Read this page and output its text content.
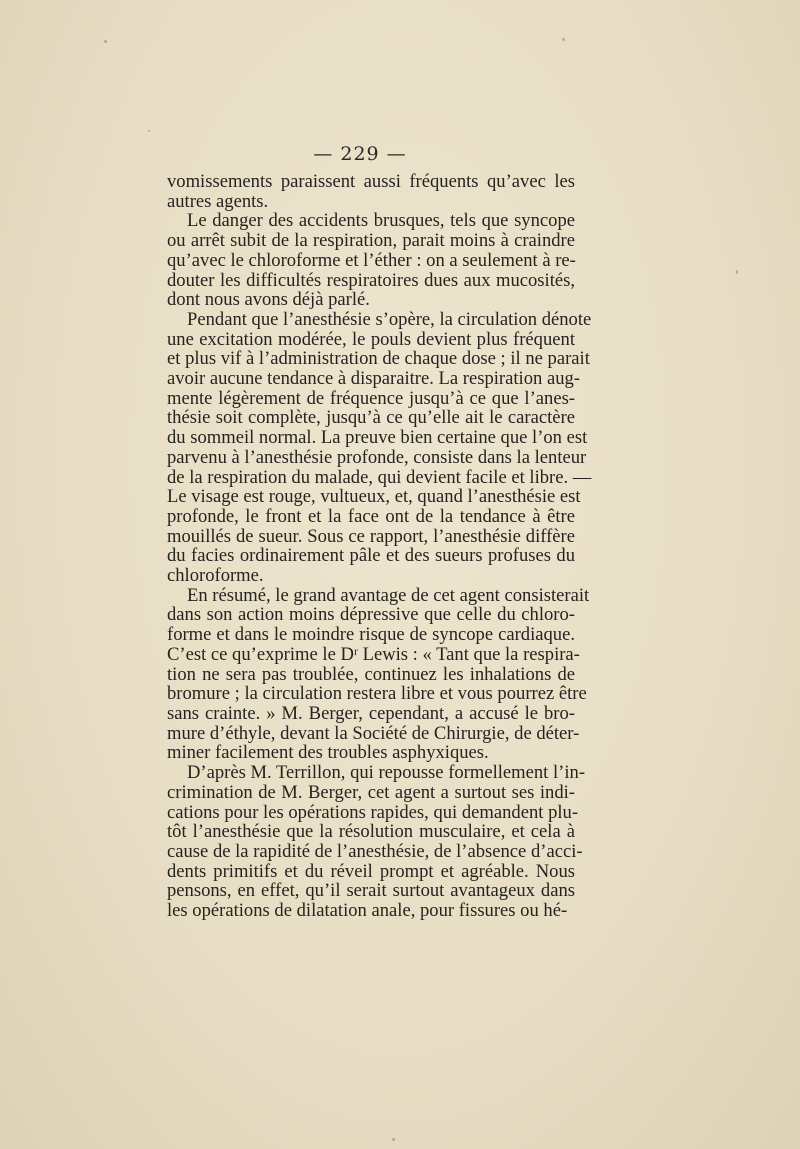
— 229 —
vomissements paraissent aussi fréquents qu’avec les
autres agents.
Le danger des accidents brusques, tels que syncope
ou arrêt subit de la respiration, parait moins à craindre
qu’avec le chloroforme et l’éther : on a seulement à re-
douter les difficultés respiratoires dues aux mucosités,
dont nous avons déjà parlé.
Pendant que l’anesthésie s’opère, la circulation dénote
une excitation modérée, le pouls devient plus fréquent
et plus vif à l’administration de chaque dose ; il ne parait
avoir aucune tendance à disparaitre. La respiration aug-
mente légèrement de fréquence jusqu’à ce que l’anes-
thésie soit complète, jusqu’à ce qu’elle ait le caractère
du sommeil normal. La preuve bien certaine que l’on est
parvenu à l’anesthésie profonde, consiste dans la lenteur
de la respiration du malade, qui devient facile et libre. —
Le visage est rouge, vultueux, et, quand l’anesthésie est
profonde, le front et la face ont de la tendance à être
mouillés de sueur. Sous ce rapport, l’anesthésie diffère
du facies ordinairement pâle et des sueurs profuses du
chloroforme.
En résumé, le grand avantage de cet agent consisterait
dans son action moins dépressive que celle du chloro-
forme et dans le moindre risque de syncope cardiaque.
C’est ce qu’exprime le Dʳ Lewis : « Tant que la respira-
tion ne sera pas troublée, continuez les inhalations de
bromure ; la circulation restera libre et vous pourrez être
sans crainte. » M. Berger, cependant, a accusé le bro-
mure d’éthyle, devant la Société de Chirurgie, de déter-
miner facilement des troubles asphyxiques.
D’après M. Terrillon, qui repousse formellement l’in-
crimination de M. Berger, cet agent a surtout ses indi-
cations pour les opérations rapides, qui demandent plu-
tôt l’anesthésie que la résolution musculaire, et cela à
cause de la rapidité de l’anesthésie, de l’absence d’acci-
dents primitifs et du réveil prompt et agréable. Nous
pensons, en effet, qu’il serait surtout avantageux dans
les opérations de dilatation anale, pour fissures ou hé-
